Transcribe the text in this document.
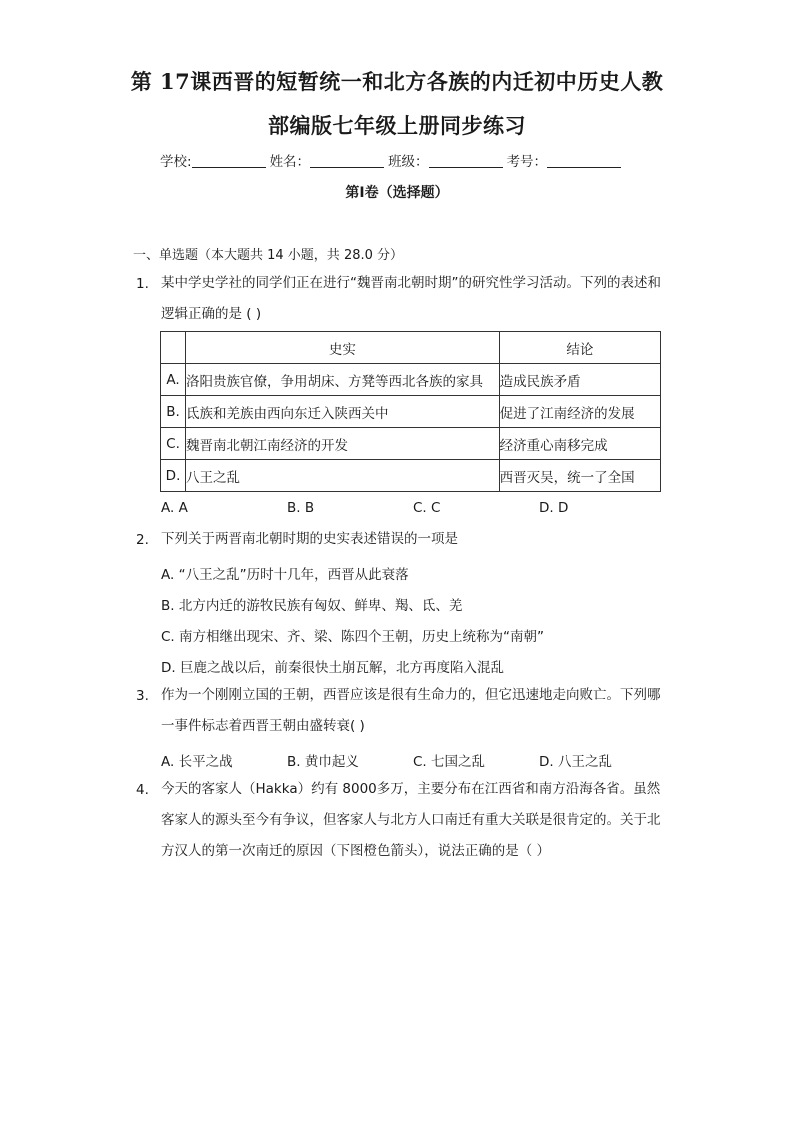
第 17课西晋的短暂统一和北方各族的内迁初中历史人教
部编版七年级上册同步练习
学校:	姓名：	班级：	考号：
第Ⅰ卷（选择题）
一、单选题（本大题共 14 小题，共 28.0 分）
1. 某中学史学社的同学们正在进行“魏晋南北朝时期”的研究性学习活动。下列的表述和逻辑正确的是 ( )
	史实	结论
A.	洛阳贵族官僚，争用胡床、方凳等西北各族的家具	造成民族矛盾
B.	氐族和羌族由西向东迁入陕西关中	促进了江南经济的发展
C.	魏晋南北朝江南经济的开发	经济重心南移完成
D.	八王之乱	西晋灭吴，统一了全国
A. A	B. B	C. C	D. D
2. 下列关于两晋南北朝时期的史实表述错误的一项是
A. “八王之乱”历时十几年，西晋从此衰落
B. 北方内迁的游牧民族有匈奴、鲜卑、羯、氐、羌
C. 南方相继出现宋、齐、梁、陈四个王朝，历史上统称为“南朝”
D. 巨鹿之战以后，前秦很快土崩瓦解，北方再度陷入混乱
3. 作为一个刚刚立国的王朝，西晋应该是很有生命力的，但它迅速地走向败亡。下列哪一事件标志着西晋王朝由盛转衰( )
A. 长平之战	B. 黄巾起义	C. 七国之乱	D. 八王之乱
4. 今天的客家人（Hakka）约有 8000多万，主要分布在江西省和南方沿海各省。虽然客家人的源头至今有争议，但客家人与北方人口南迁有重大关联是很肯定的。关于北方汉人的第一次南迁的原因（下图橙色箭头），说法正确的是（ ）
